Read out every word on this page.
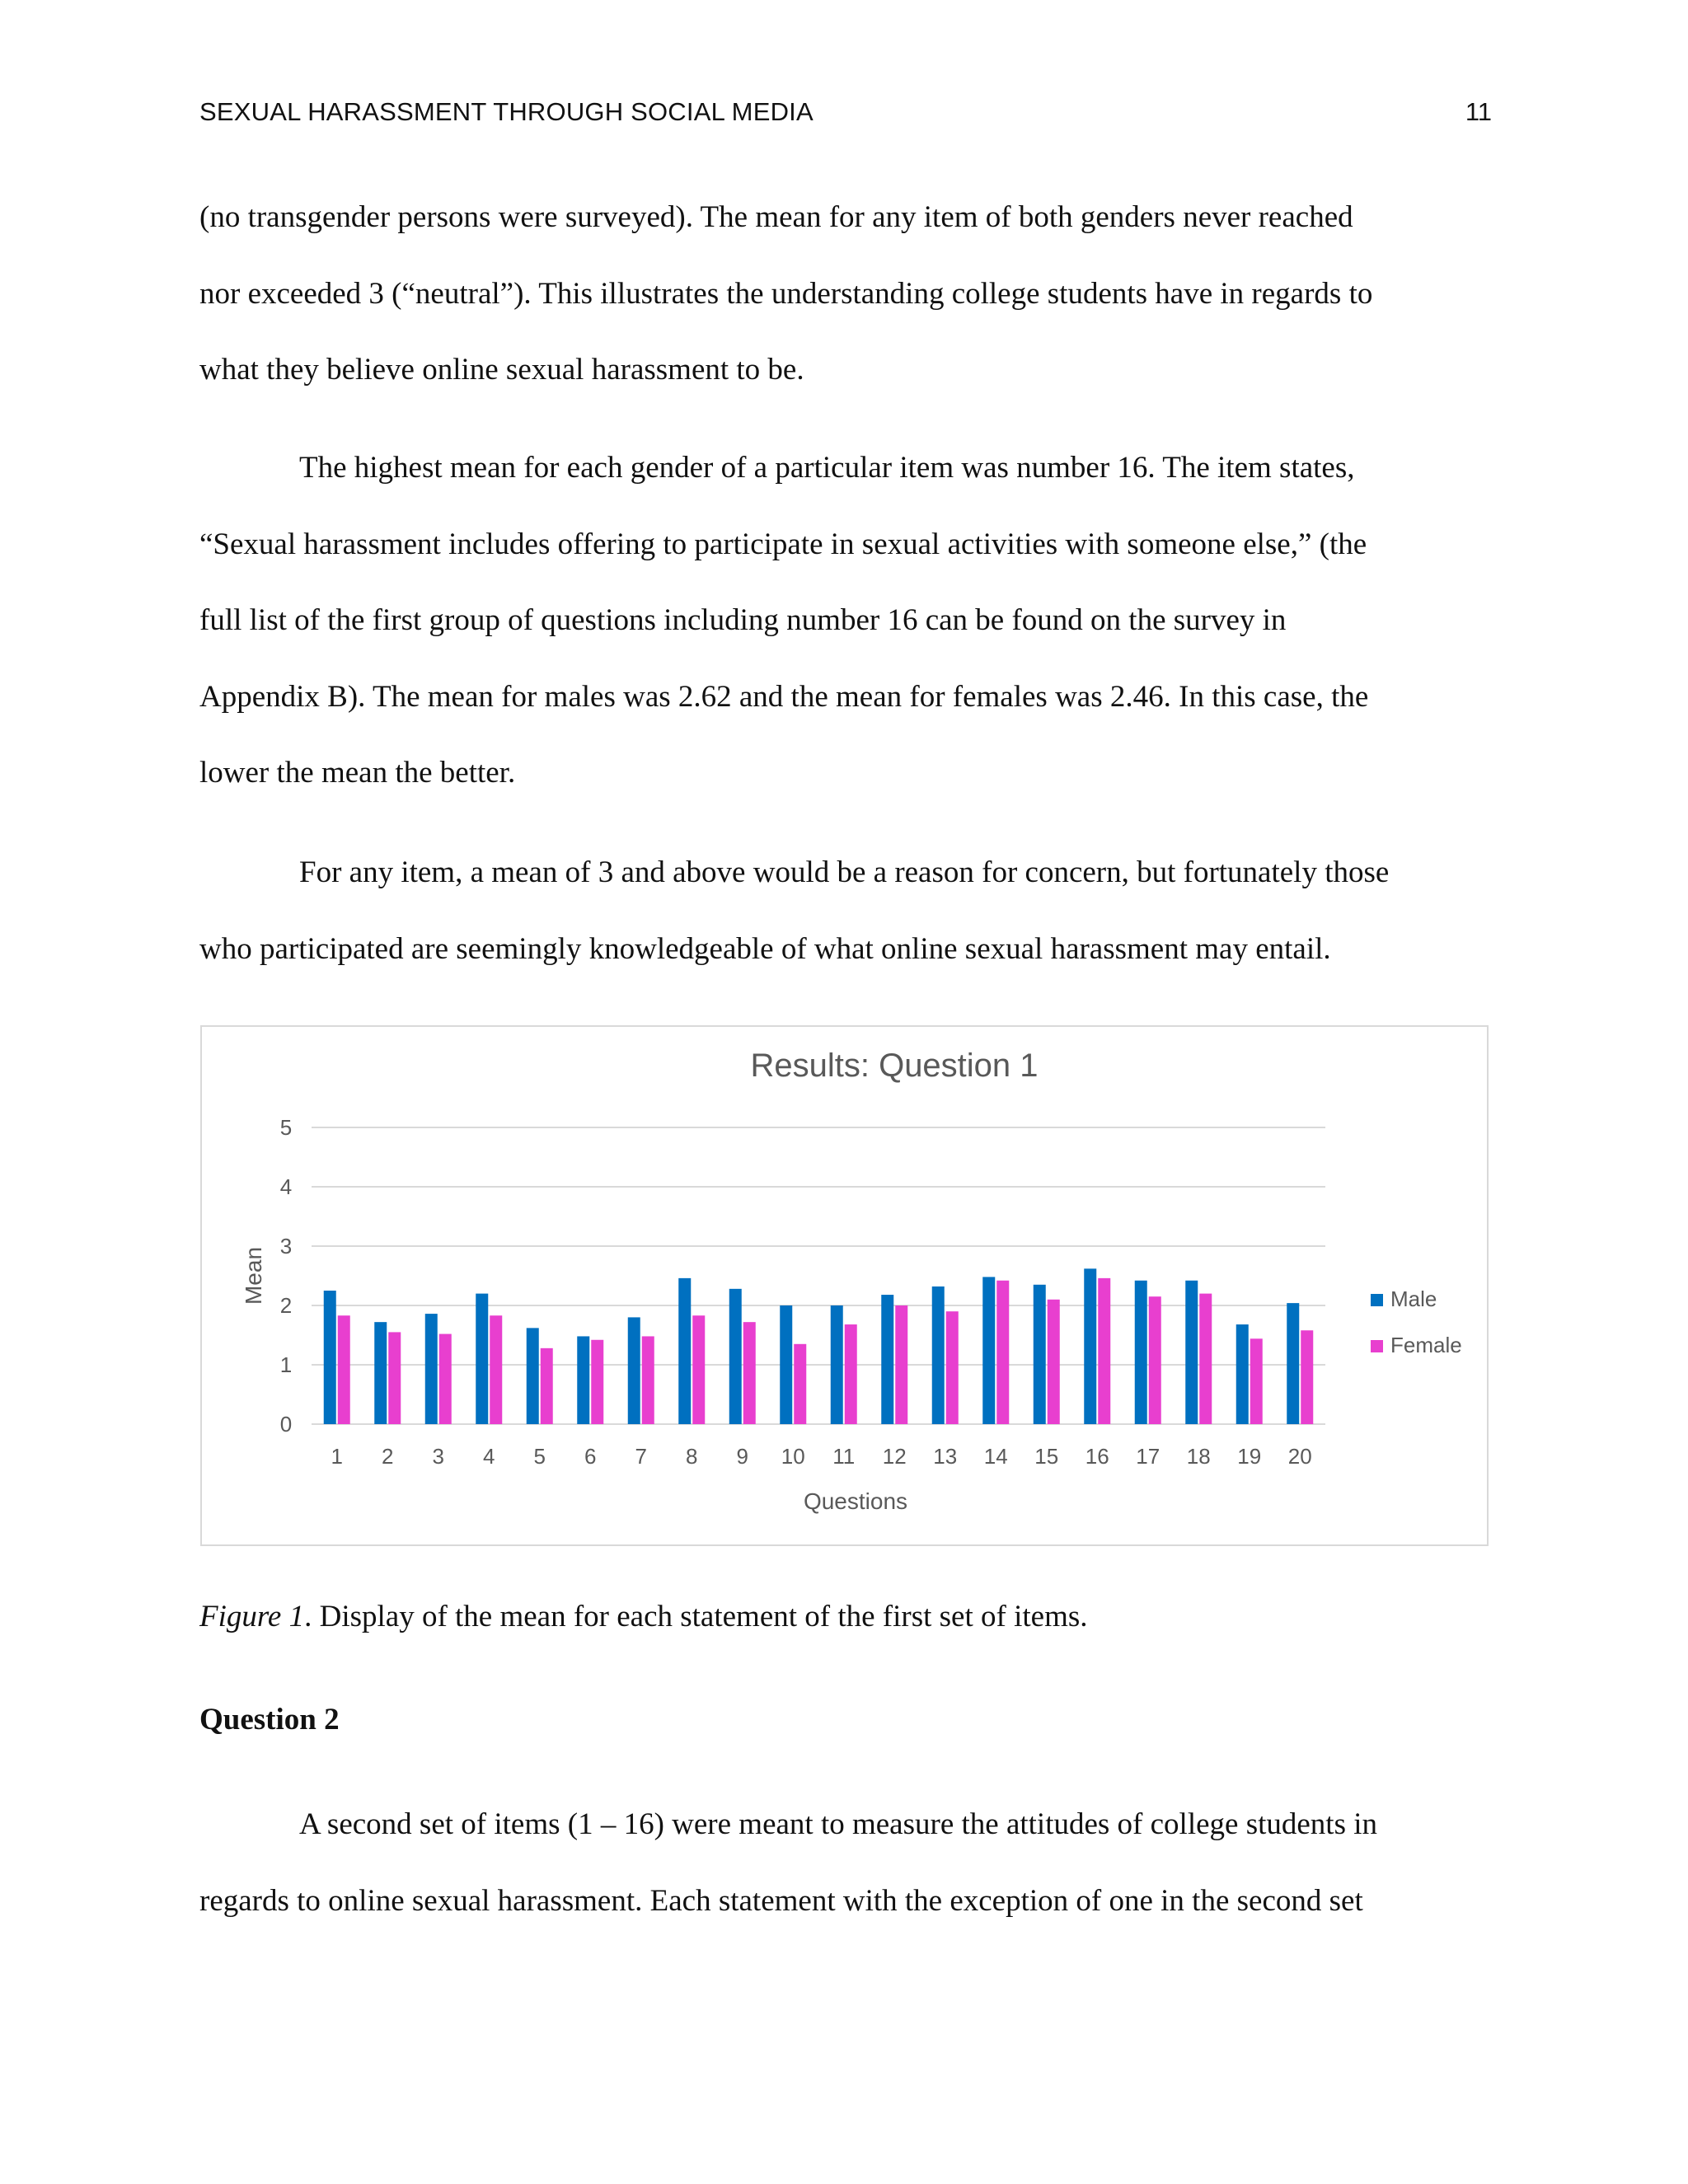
SEXUAL HARASSMENT THROUGH SOCIAL MEDIA	11
(no transgender persons were surveyed). The mean for any item of both genders never reached
nor exceeded 3 (“neutral”). This illustrates the understanding college students have in regards to
what they believe online sexual harassment to be.
The highest mean for each gender of a particular item was number 16. The item states,
“Sexual harassment includes offering to participate in sexual activities with someone else,” (the
full list of the first group of questions including number 16 can be found on the survey in
Appendix B). The mean for males was 2.62 and the mean for females was 2.46. In this case, the
lower the mean the better.
For any item, a mean of 3 and above would be a reason for concern, but fortunately those
who participated are seemingly knowledgeable of what online sexual harassment may entail.
Results: Question 1
0
1
2
3
4
5
1 2 3 4 5 6 7 8 9 10 11 12 13 14 15 16 17 18 19 20
Questions
Mean	Male
Female
Figure 1. Display of the mean for each statement of the first set of items.
Question 2
A second set of items (1 – 16) were meant to measure the attitudes of college students in
regards to online sexual harassment. Each statement with the exception of one in the second set
